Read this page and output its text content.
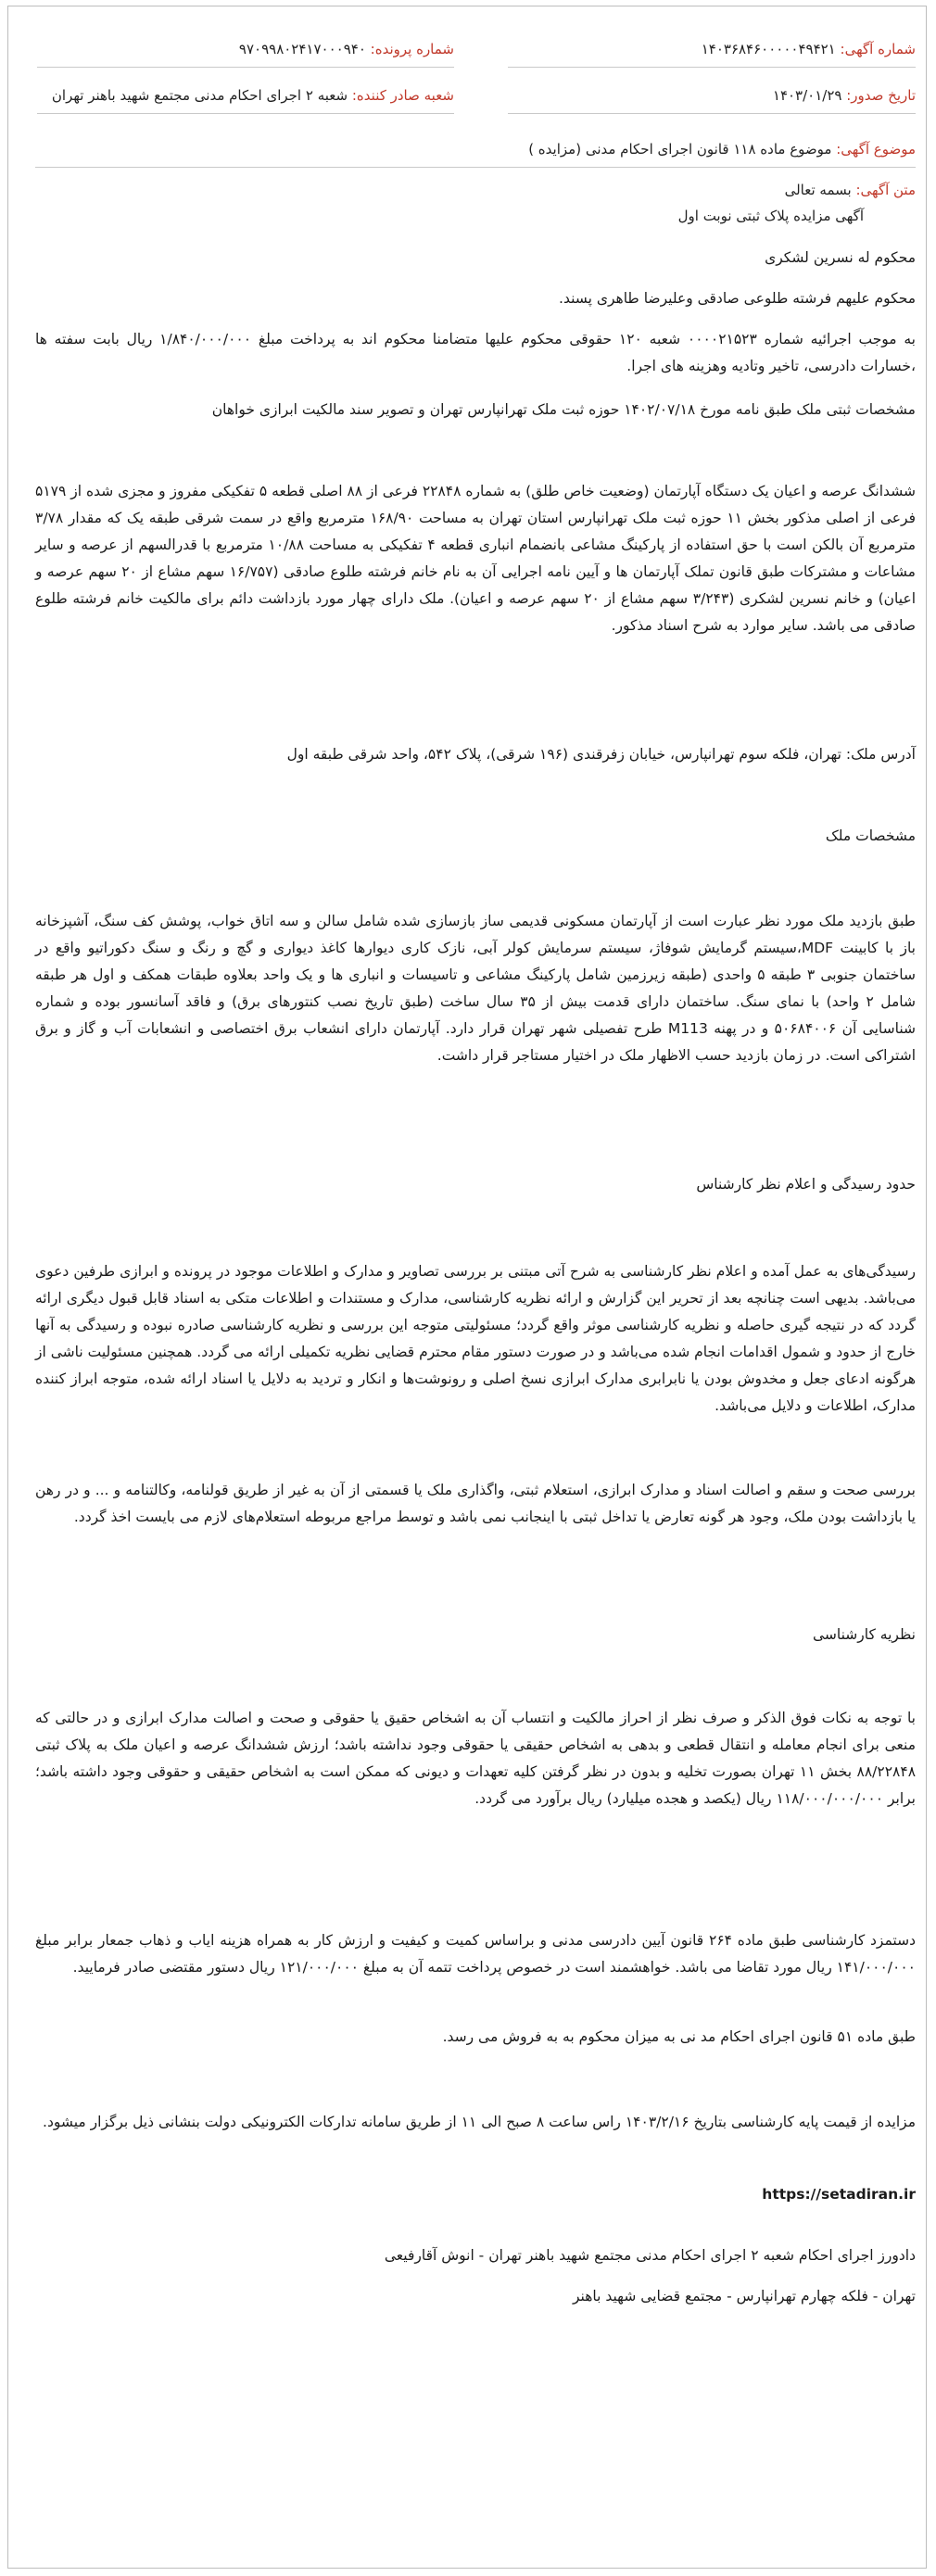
شماره آگهی: ۱۴۰۳۶۸۴۶۰۰۰۰۰۴۹۴۲۱
شماره پرونده: ۹۷۰۹۹۸۰۲۴۱۷۰۰۰۹۴۰
تاریخ صدور: ۱۴۰۳/۰۱/۲۹
شعبه صادر کننده: شعبه ۲ اجرای احکام مدنی مجتمع شهید باهنر تهران
موضوع آگهی: موضوع ماده ۱۱۸ قانون اجرای احکام مدنی (مزایده )
متن آگهی: بسمه تعالی
آگهی مزایده پلاک ثبتی نوبت اول

محکوم له نسرین لشکری

محکوم علیهم فرشته طلوعی صادقی وعلیرضا طاهری پسند.

به موجب اجرائیه شماره ۰۰۰۰۲۱۵۲۳ شعبه ۱۲۰ حقوقی محکوم علیها متضامنا محکوم اند به پرداخت مبلغ ۱/۸۴۰/۰۰۰/۰۰۰ ریال بابت سفته ها ،خسارات دادرسی، تاخیر وتادیه وهزینه های اجرا.

مشخصات ثبتی ملک طبق نامه مورخ ۱۴۰۲/۰۷/۱۸ حوزه ثبت ملک تهرانپارس تهران و تصویر سند مالکیت ابرازی خواهان

ششدانگ عرصه و اعیان یک دستگاه آپارتمان (وضعیت خاص طلق) به شماره ۲۲۸۴۸ فرعی از ۸۸ اصلی قطعه ۵ تفکیکی مفروز و مجزی شده از ۵۱۷۹ فرعی از اصلی مذکور بخش ۱۱ حوزه ثبت ملک تهرانپارس استان تهران به مساحت ۱۶۸/۹۰ مترمربع واقع در سمت شرقی طبقه یک که مقدار ۳/۷۸ مترمربع آن بالکن است با حق استفاده از پارکینگ مشاعی بانضمام انباری قطعه ۴ تفکیکی به مساحت ۱۰/۸۸ مترمربع با قدرالسهم از عرصه و سایر مشاعات و مشترکات طبق قانون تملک آپارتمان ها و آیین نامه اجرایی آن به نام خانم فرشته طلوع صادقی (۱۶/۷۵۷ سهم مشاع از ۲۰ سهم عرصه و اعیان) و خانم نسرین لشکری (۳/۲۴۳ سهم مشاع از ۲۰ سهم عرصه و اعیان). ملک دارای چهار مورد بازداشت دائم برای مالکیت خانم فرشته طلوع صادقی می باشد. سایر موارد به شرح اسناد مذکور.

آدرس ملک: تهران، فلکه سوم تهرانپارس، خیابان زفرقندی (۱۹۶ شرقی)، پلاک ۵۴۲، واحد شرقی طبقه اول

مشخصات ملک

طبق بازدید ملک مورد نظر عبارت است از آپارتمان مسکونی قدیمی ساز بازسازی شده شامل سالن و سه اتاق خواب، پوشش کف سنگ، آشپزخانه باز با کابینت MDF،سیستم گرمایش شوفاژ، سیستم سرمایش کولر آبی، نازک کاری دیوارها کاغذ دیواری و گچ و رنگ و سنگ دکوراتیو واقع در ساختمان جنوبی ۳ طبقه ۵ واحدی (طبقه زیرزمین شامل پارکینگ مشاعی و تاسیسات و انباری ها و یک واحد بعلاوه طبقات همکف و اول هر طبقه شامل ۲ واحد) با نمای سنگ. ساختمان دارای قدمت بیش از ۳۵ سال ساخت (طبق تاریخ نصب کنتورهای برق) و فاقد آسانسور بوده و شماره شناسایی آن ۵۰۶۸۴۰۰۶ و در پهنه M113 طرح تفصیلی شهر تهران قرار دارد. آپارتمان دارای انشعاب برق اختصاصی و انشعابات آب و گاز و برق اشتراکی است. در زمان بازدید حسب الاظهار ملک در اختیار مستاجر قرار داشت.

حدود رسیدگی و اعلام نظر کارشناس

رسیدگی‌های به عمل آمده و اعلام نظر کارشناسی به شرح آتی مبتنی بر بررسی تصاویر و مدارک و اطلاعات موجود در پرونده و ابرازی طرفین دعوی می‌باشد. بدیهی است چنانچه بعد از تحریر این گزارش و ارائه نظریه کارشناسی، مدارک و مستندات و اطلاعات متکی به اسناد قابل قبول دیگری ارائه گردد که در نتیجه گیری حاصله و نظریه کارشناسی موثر واقع گردد؛ مسئولیتی متوجه این بررسی و نظریه کارشناسی صادره نبوده و رسیدگی به آنها خارج از حدود و شمول اقدامات انجام شده می‌باشد و در صورت دستور مقام محترم قضایی نظریه تکمیلی ارائه می گردد. همچنین مسئولیت ناشی از هرگونه ادعای جعل و مخدوش بودن یا نابرابری مدارک ابرازی نسخ اصلی و رونوشت‌ها و انکار و تردید به دلایل یا اسناد ارائه شده، متوجه ابراز کننده مدارک، اطلاعات و دلایل می‌باشد.

بررسی صحت و سقم و اصالت اسناد و مدارک ابرازی، استعلام ثبتی، واگذاری ملک یا قسمتی از آن به غیر از طریق قولنامه، وکالتنامه و ... و در رهن یا بازداشت بودن ملک، وجود هر گونه تعارض یا تداخل ثبتی با اینجانب نمی باشد و توسط مراجع مربوطه استعلام‌های لازم می بایست اخذ گردد.

نظریه کارشناسی

با توجه به نکات فوق الذکر و صرف نظر از احراز مالکیت و انتساب آن به اشخاص حقیق یا حقوقی و صحت و اصالت مدارک ابرازی و در حالتی که منعی برای انجام معامله و انتقال قطعی و بدهی به اشخاص حقیقی یا حقوقی وجود نداشته باشد؛ ارزش ششدانگ عرصه و اعیان ملک به پلاک ثبتی ۸۸/۲۲۸۴۸ بخش ۱۱ تهران بصورت تخلیه و بدون در نظر گرفتن کلیه تعهدات و دیونی که ممکن است به اشخاص حقیقی و حقوقی وجود داشته باشد؛ برابر ۱۱۸/۰۰۰/۰۰۰/۰۰۰ ریال (یکصد و هجده میلیارد) ریال برآورد می گردد.

دستمزد کارشناسی طبق ماده ۲۶۴ قانون آیین دادرسی مدنی و براساس کمیت و کیفیت و ارزش کار به همراه هزینه ایاب و ذهاب جمعار برابر مبلغ ۱۴۱/۰۰۰/۰۰۰ ریال مورد تقاضا می باشد. خواهشمند است در خصوص پرداخت تتمه آن به مبلغ ۱۲۱/۰۰۰/۰۰۰ ریال دستور مقتضی صادر فرمایید.

طبق ماده ۵۱ قانون اجرای احکام مد نی به میزان محکوم به به فروش می رسد.

مزایده از قیمت پایه کارشناسی بتاریخ ۱۴۰۳/۲/۱۶ راس ساعت ۸ صبح الی ۱۱ از طریق سامانه تدارکات الکترونیکی دولت بنشانی ذیل برگزار میشود.

https://setadiran.ir

دادورز اجرای احکام شعبه ۲ اجرای احکام مدنی مجتمع شهید باهنر تهران - انوش آقارفیعی

تهران - فلکه چهارم تهرانپارس - مجتمع قضایی شهید باهنر
